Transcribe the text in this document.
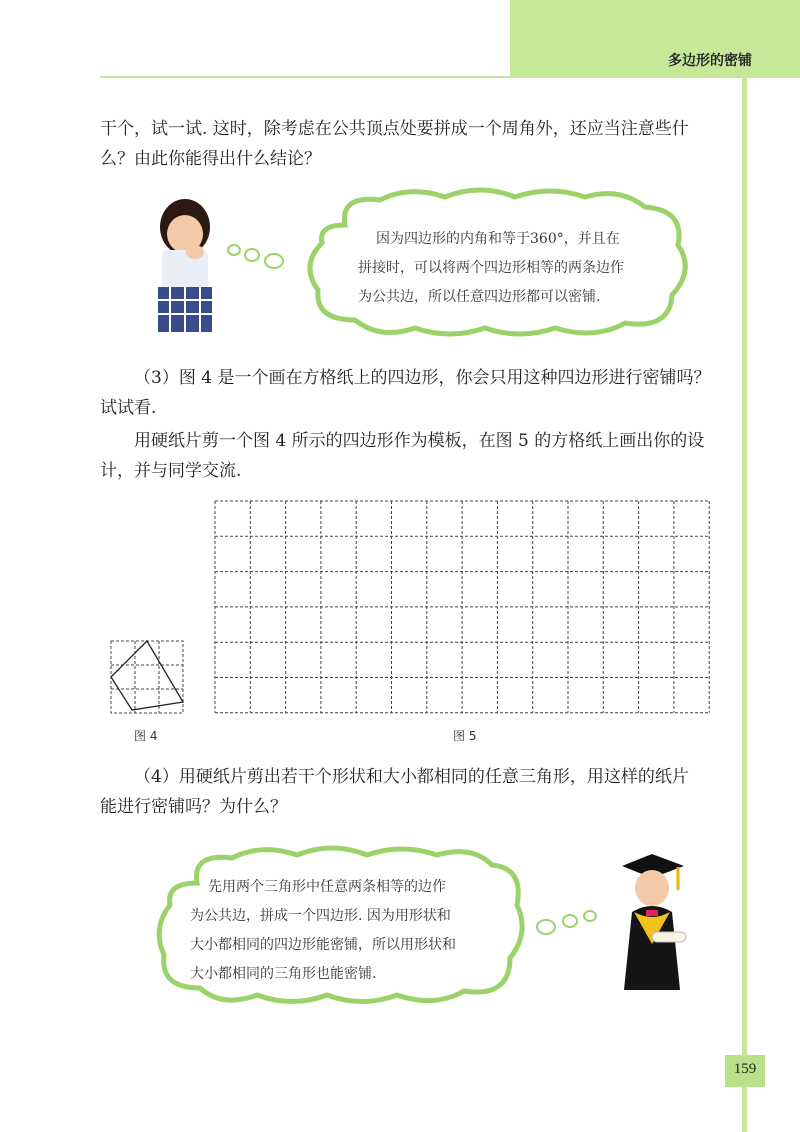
多边形的密铺

干个，试一试. 这时，除考虑在公共顶点处要拼成一个周角外，还应当注意些什

么？由此你能得出什么结论？

因为四边形的内角和等于360°，并且在
拼接时，可以将两个四边形相等的两条边作
为公共边，所以任意四边形都可以密铺.

（3）图 4 是一个画在方格纸上的四边形，你会只用这种四边形进行密铺吗？

试试看.

用硬纸片剪一个图 4 所示的四边形作为模板，在图 5 的方格纸上画出你的设

计，并与同学交流.

图 4	图 5

（4）用硬纸片剪出若干个形状和大小都相同的任意三角形，用这样的纸片

能进行密铺吗？为什么？

先用两个三角形中任意两条相等的边作
为公共边，拼成一个四边形. 因为用形状和
大小都相同的四边形能密铺，所以用形状和
大小都相同的三角形也能密铺.
159
